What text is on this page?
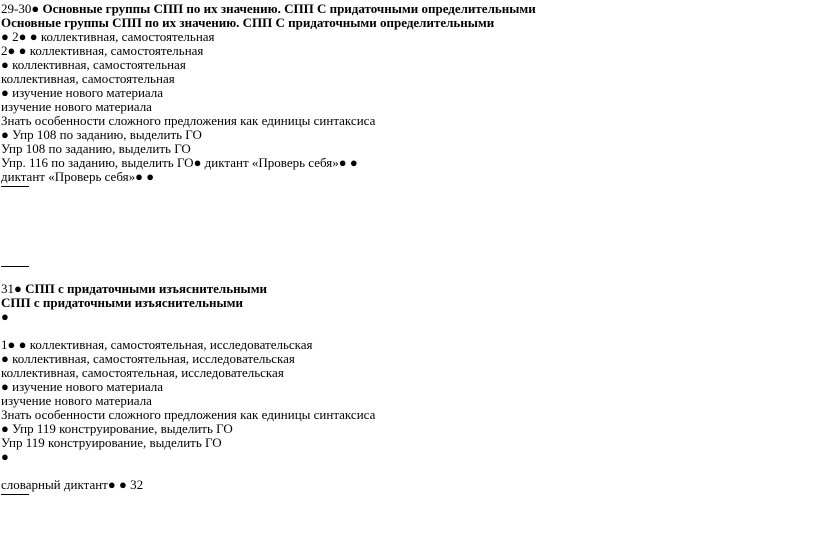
29-30● Основные группы СПП по их значению. СПП С придаточными определительными
Основные группы СПП по их значению. СПП С придаточными определительными
● 2● ● коллективная, самостоятельная
2● ● коллективная, самостоятельная
● коллективная, самостоятельная
коллективная, самостоятельная
● изучение нового материала
изучение нового материала
Знать особенности сложного предложения как единицы синтаксиса
● Упр 108 по заданию, выделить ГО
Упр 108 по заданию, выделить ГО
Упр. 116 по заданию, выделить ГО● диктант «Проверь себя»● ●
диктант «Проверь себя»● ●
31● СПП с придаточными изъяснительными
СПП с придаточными изъяснительными
●
1● ● коллективная, самостоятельная, исследовательская
● коллективная, самостоятельная, исследовательская
коллективная, самостоятельная, исследовательская
● изучение нового материала
изучение нового материала
Знать особенности сложного предложения как единицы синтаксиса
● Упр 119 конструирование, выделить ГО
Упр 119 конструирование, выделить ГО
●
словарный диктант● ● 32
